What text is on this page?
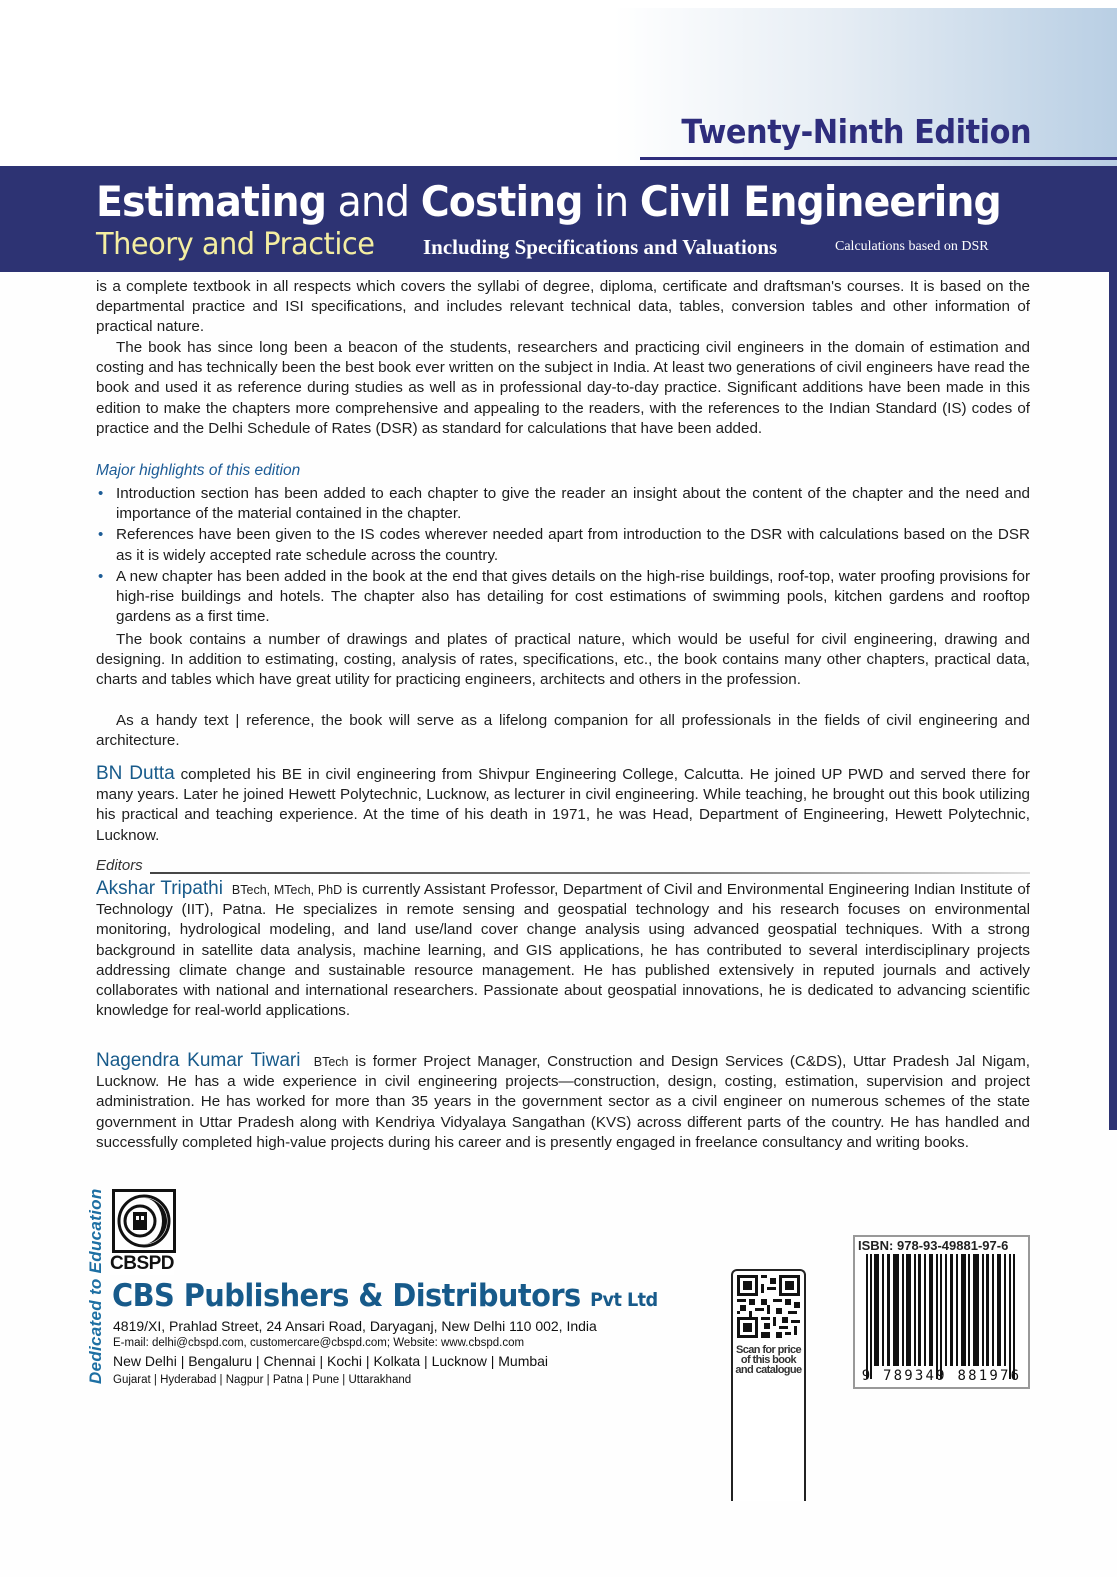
Twenty-Ninth Edition
Estimating and Costing in Civil Engineering
Theory and Practice Including Specifications and Valuations	Calculations based on DSR

is a complete textbook in all respects which covers the syllabi of degree, diploma, certificate and draftsman's courses. It is based on the departmental practice and ISI specifications, and includes relevant technical data, tables, conversion tables and other information of practical nature.

The book has since long been a beacon of the students, researchers and practicing civil engineers in the domain of estimation and costing and has technically been the best book ever written on the subject in India. At least two generations of civil engineers have read the book and used it as reference during studies as well as in professional day-to-day practice. Significant additions have been made in this edition to make the chapters more comprehensive and appealing to the readers, with the references to the Indian Standard (IS) codes of practice and the Delhi Schedule of Rates (DSR) as standard for calculations that have been added.

Major highlights of this edition
• Introduction section has been added to each chapter to give the reader an insight about the content of the chapter and the need and importance of the material contained in the chapter.
• References have been given to the IS codes wherever needed apart from introduction to the DSR with calculations based on the DSR as it is widely accepted rate schedule across the country.
• A new chapter has been added in the book at the end that gives details on the high-rise buildings, roof-top, water proofing provisions for high-rise buildings and hotels. The chapter also has detailing for cost estimations of swimming pools, kitchen gardens and rooftop gardens as a first time.

The book contains a number of drawings and plates of practical nature, which would be useful for civil engineering, drawing and designing. In addition to estimating, costing, analysis of rates, specifications, etc., the book contains many other chapters, practical data, charts and tables which have great utility for practicing engineers, architects and others in the profession.

As a handy text | reference, the book will serve as a lifelong companion for all professionals in the fields of civil engineering and architecture.

BN Dutta completed his BE in civil engineering from Shivpur Engineering College, Calcutta. He joined UP PWD and served there for many years. Later he joined Hewett Polytechnic, Lucknow, as lecturer in civil engineering. While teaching, he brought out this book utilizing his practical and teaching experience. At the time of his death in 1971, he was Head, Department of Engineering, Hewett Polytechnic, Lucknow.

Editors

Akshar Tripathi BTech, MTech, PhD is currently Assistant Professor, Department of Civil and Environmental Engineering Indian Institute of Technology (IIT), Patna. He specializes in remote sensing and geospatial technology and his research focuses on environmental monitoring, hydrological modeling, and land use/land cover change analysis using advanced geospatial techniques. With a strong background in satellite data analysis, machine learning, and GIS applications, he has contributed to several interdisciplinary projects addressing climate change and sustainable resource management. He has published extensively in reputed journals and actively collaborates with national and international researchers. Passionate about geospatial innovations, he is dedicated to advancing scientific knowledge for real-world applications.

Nagendra Kumar Tiwari BTech is former Project Manager, Construction and Design Services (C&DS), Uttar Pradesh Jal Nigam, Lucknow. He has a wide experience in civil engineering projects—construction, design, costing, estimation, supervision and project administration. He has worked for more than 35 years in the government sector as a civil engineer on numerous schemes of the state government in Uttar Pradesh along with Kendriya Vidyalaya Sangathan (KVS) across different parts of the country. He has handled and successfully completed high-value projects during his career and is presently engaged in freelance consultancy and writing books.

Dedicated to Education CBSPD
CBS Publishers & Distributors Pvt Ltd
4819/XI, Prahlad Street, 24 Ansari Road, Daryaganj, New Delhi 110 002, India
E-mail: delhi@cbspd.com, customercare@cbspd.com; Website: www.cbspd.com
New Delhi | Bengaluru | Chennai | Kochi | Kolkata | Lucknow | Mumbai
Gujarat | Hyderabad | Nagpur | Patna | Pune | Uttarakhand
Scan for price of this book and catalogue
ISBN: 978-93-49881-97-6
9 789349 881976
